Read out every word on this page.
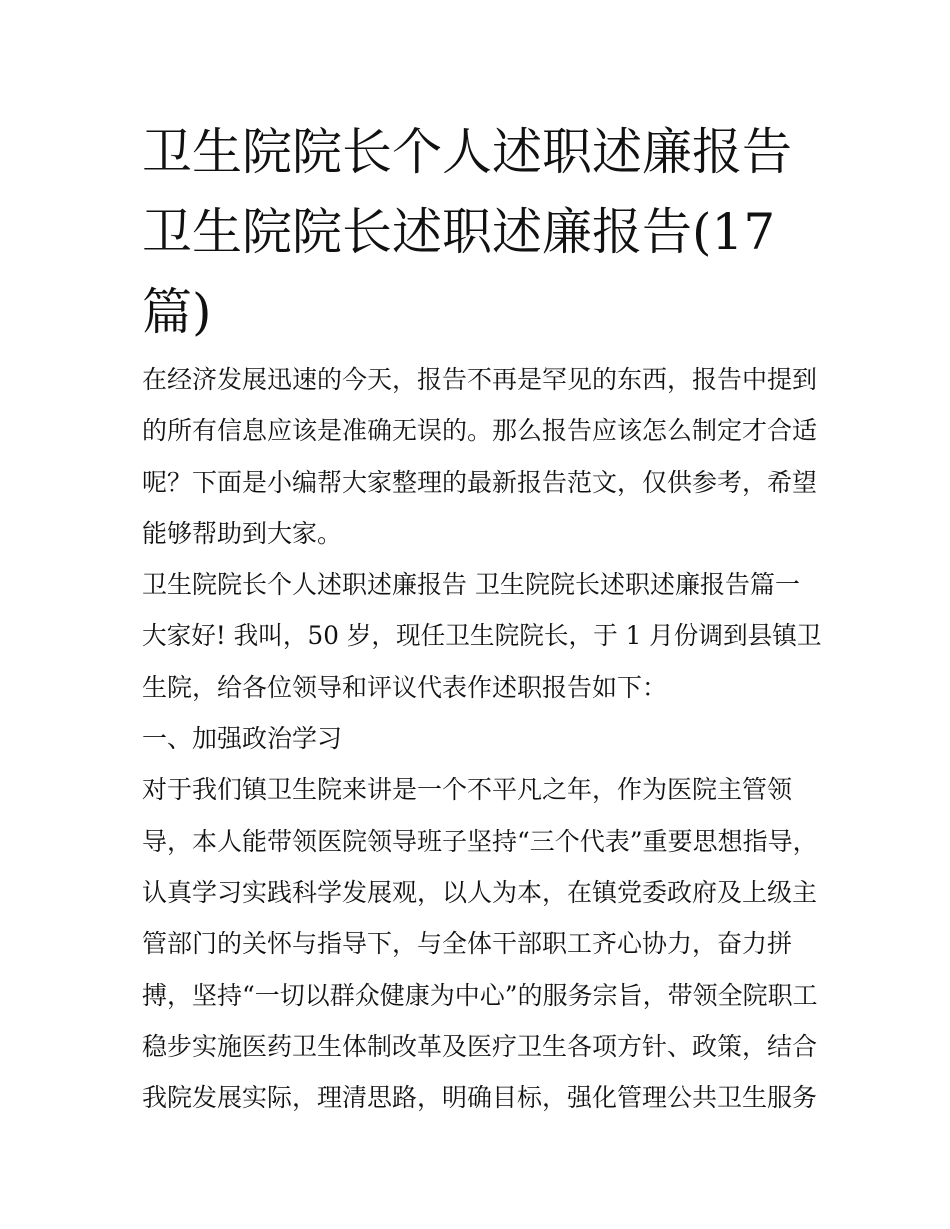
卫生院院长个人述职述廉报告
卫生院院长述职述廉报告(17
篇)
在经济发展迅速的今天，报告不再是罕见的东西，报告中提到
的所有信息应该是准确无误的。那么报告应该怎么制定才合适
呢？下面是小编帮大家整理的最新报告范文，仅供参考，希望
能够帮助到大家。
卫生院院长个人述职述廉报告 卫生院院长述职述廉报告篇一
大家好! 我叫，50 岁，现任卫生院院长，于 1 月份调到县镇卫
生院，给各位领导和评议代表作述职报告如下：
一、加强政治学习
对于我们镇卫生院来讲是一个不平凡之年，作为医院主管领
导，本人能带领医院领导班子坚持“三个代表”重要思想指导，
认真学习实践科学发展观，以人为本，在镇党委政府及上级主
管部门的关怀与指导下，与全体干部职工齐心协力，奋力拼
搏，坚持“一切以群众健康为中心”的服务宗旨，带领全院职工
稳步实施医药卫生体制改革及医疗卫生各项方针、政策，结合
我院发展实际，理清思路，明确目标，强化管理公共卫生服务
